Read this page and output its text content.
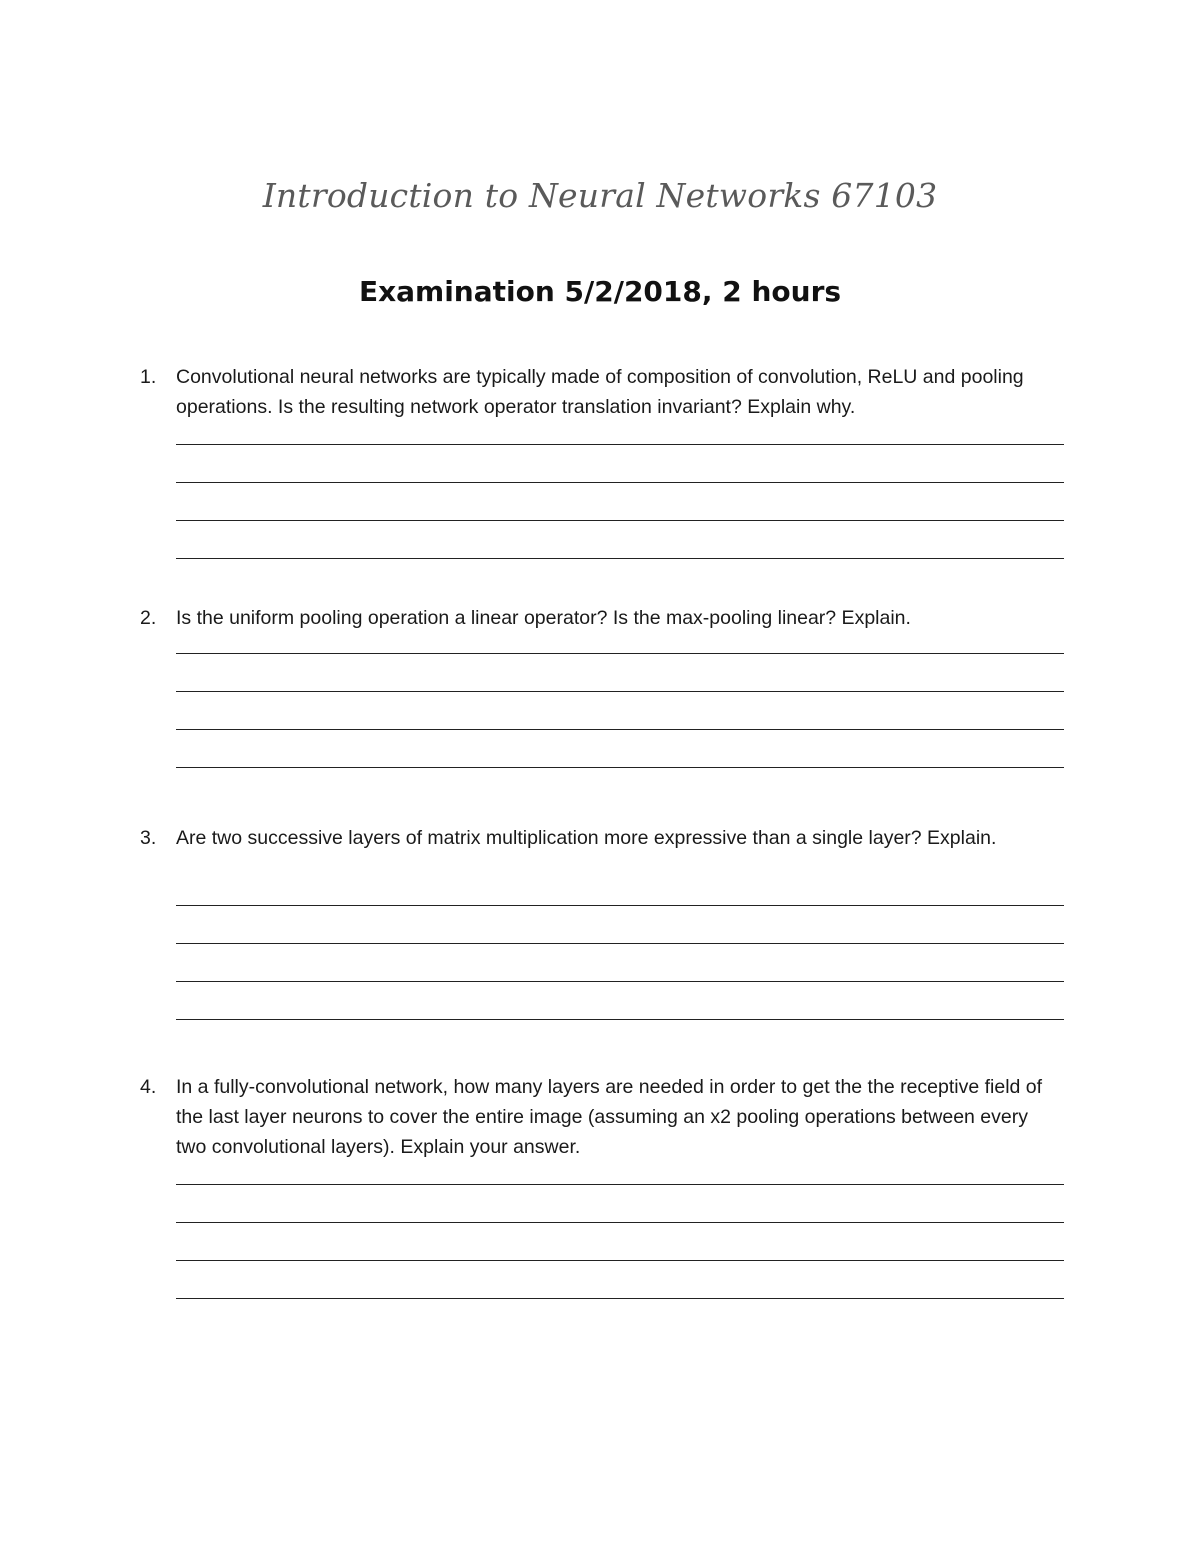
Introduction to Neural Networks 67103
Examination 5/2/2018, 2 hours
1. Convolutional neural networks are typically made of composition of convolution, ReLU and pooling operations. Is the resulting network operator translation invariant? Explain why.
2. Is the uniform pooling operation a linear operator? Is the max-pooling linear? Explain.
3. Are two successive layers of matrix multiplication more expressive than a single layer? Explain.
4. In a fully-convolutional network, how many layers are needed in order to get the the receptive field of the last layer neurons to cover the entire image (assuming an x2 pooling operations between every two convolutional layers). Explain your answer.
